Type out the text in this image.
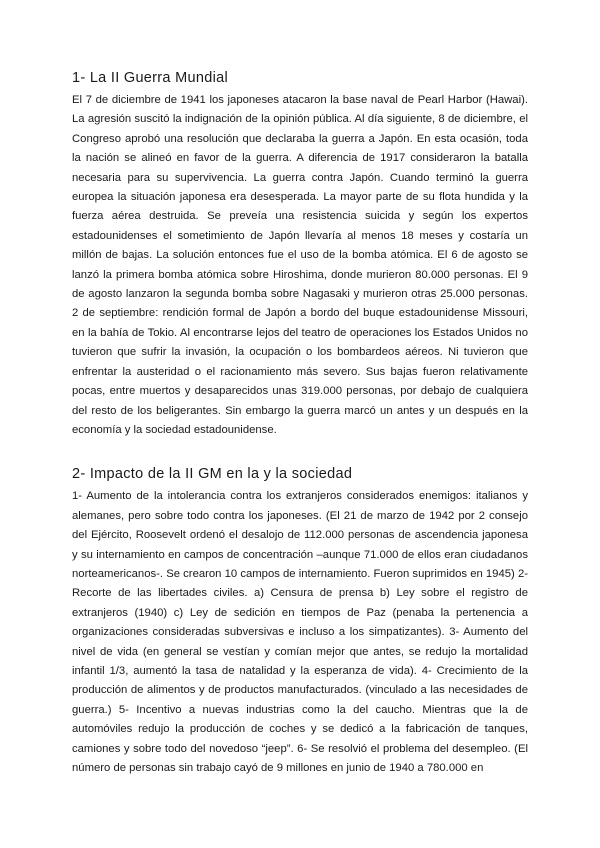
1- La II Guerra Mundial

El 7 de diciembre de 1941 los japoneses atacaron la base naval de Pearl Harbor (Hawai). La agresión suscitó la indignación de la opinión pública. Al día siguiente, 8 de diciembre, el Congreso aprobó una resolución que declaraba la guerra a Japón. En esta ocasión, toda la nación se alineó en favor de la guerra. A diferencia de 1917 consideraron la batalla necesaria para su supervivencia. La guerra contra Japón. Cuando terminó la guerra europea la situación japonesa era desesperada. La mayor parte de su flota hundida y la fuerza aérea destruida. Se preveía una resistencia suicida y según los expertos estadounidenses el sometimiento de Japón llevaría al menos 18 meses y costaría un millón de bajas. La solución entonces fue el uso de la bomba atómica. El 6 de agosto se lanzó la primera bomba atómica sobre Hiroshima, donde murieron 80.000 personas. El 9 de agosto lanzaron la segunda bomba sobre Nagasaki y murieron otras 25.000 personas. 2 de septiembre: rendición formal de Japón a bordo del buque estadounidense Missouri, en la bahía de Tokio. Al encontrarse lejos del teatro de operaciones los Estados Unidos no tuvieron que sufrir la invasión, la ocupación o los bombardeos aéreos. Ni tuvieron que enfrentar la austeridad o el racionamiento más severo. Sus bajas fueron relativamente pocas, entre muertos y desaparecidos unas 319.000 personas, por debajo de cualquiera del resto de los beligerantes. Sin embargo la guerra marcó un antes y un después en la economía y la sociedad estadounidense.

2- Impacto de la II GM en la y la sociedad

1- Aumento de la intolerancia contra los extranjeros considerados enemigos: italianos y alemanes, pero sobre todo contra los japoneses. (El 21 de marzo de 1942 por 2 consejo del Ejército, Roosevelt ordenó el desalojo de 112.000 personas de ascendencia japonesa y su internamiento en campos de concentración –aunque 71.000 de ellos eran ciudadanos norteamericanos-. Se crearon 10 campos de internamiento. Fueron suprimidos en 1945) 2- Recorte de las libertades civiles. a) Censura de prensa b) Ley sobre el registro de extranjeros (1940) c) Ley de sedición en tiempos de Paz (penaba la pertenencia a organizaciones consideradas subversivas e incluso a los simpatizantes). 3- Aumento del nivel de vida (en general se vestían y comían mejor que antes, se redujo la mortalidad infantil 1/3, aumentó la tasa de natalidad y la esperanza de vida). 4- Crecimiento de la producción de alimentos y de productos manufacturados. (vinculado a las necesidades de guerra.) 5- Incentivo a nuevas industrias como la del caucho. Mientras que la de automóviles redujo la producción de coches y se dedicó a la fabricación de tanques, camiones y sobre todo del novedoso “jeep”. 6- Se resolvió el problema del desempleo. (El número de personas sin trabajo cayó de 9 millones en junio de 1940 a 780.000 en
